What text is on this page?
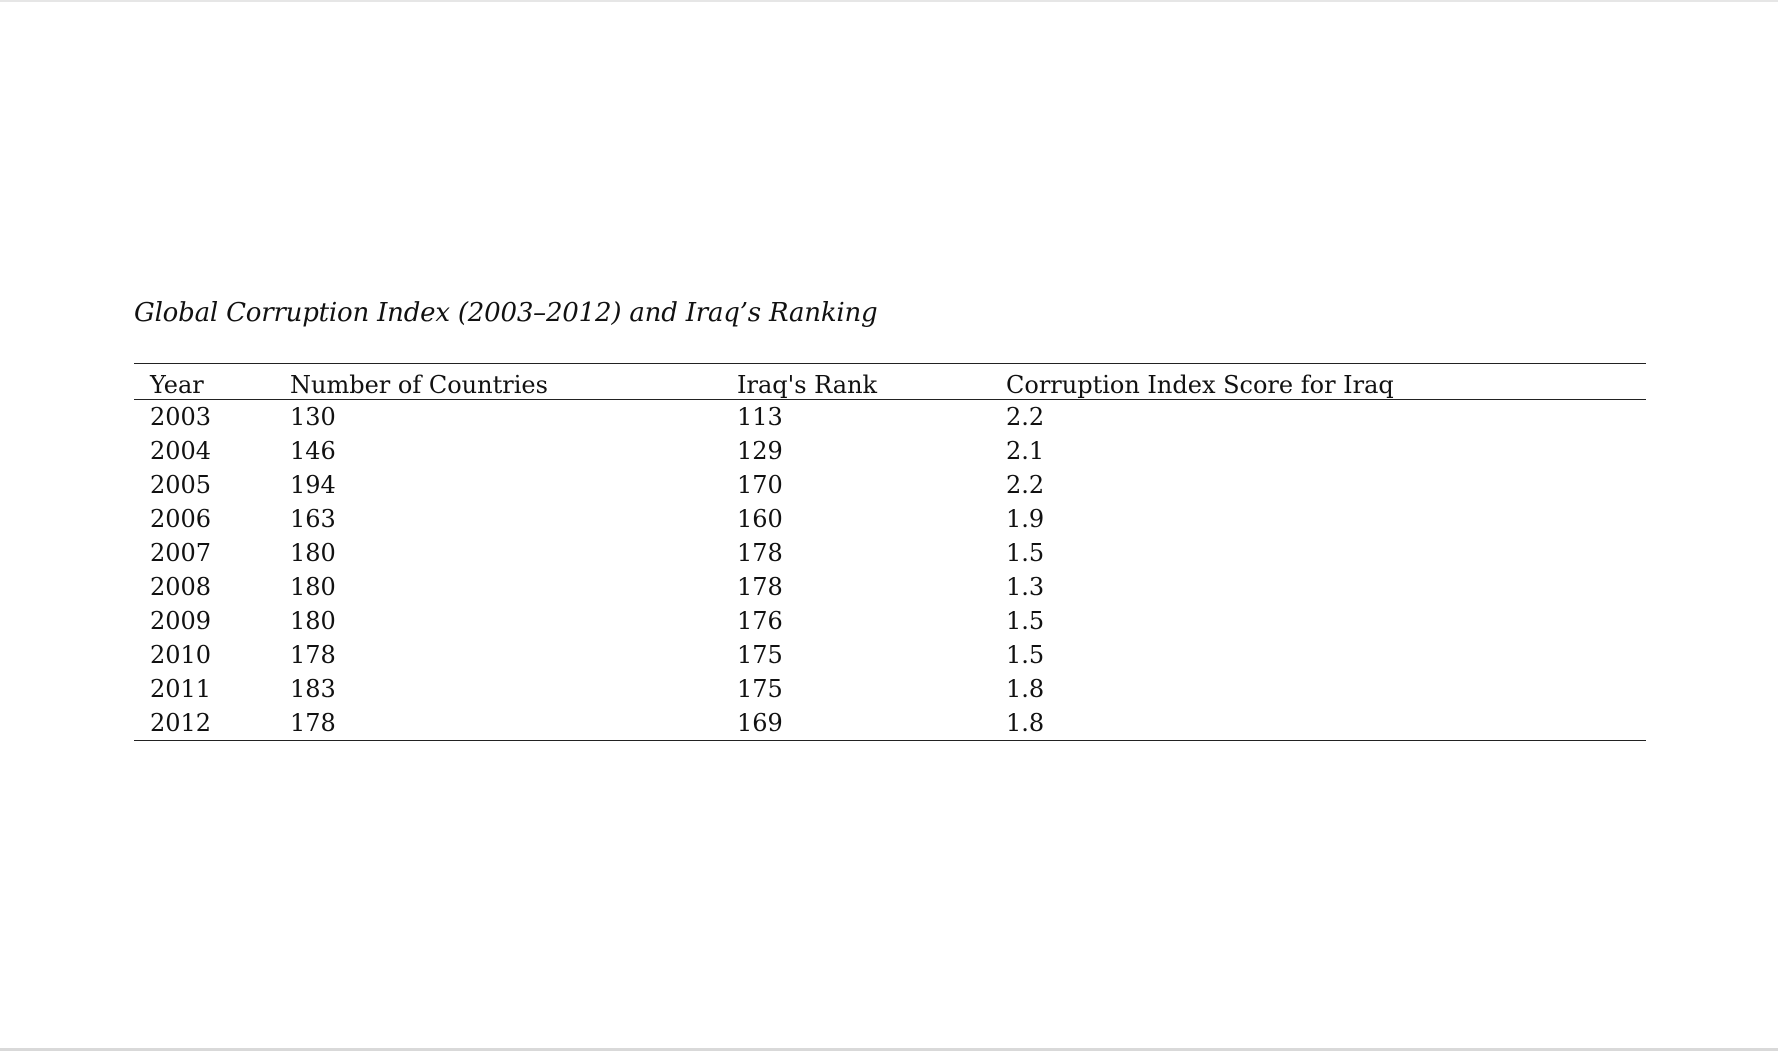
Global Corruption Index (2003–2012) and Iraq’s Ranking
Year	Number of Countries	Iraq's Rank	Corruption Index Score for Iraq
2003	130	113	2.2
2004	146	129	2.1
2005	194	170	2.2
2006	163	160	1.9
2007	180	178	1.5
2008	180	178	1.3
2009	180	176	1.5
2010	178	175	1.5
2011	183	175	1.8
2012	178	169	1.8
